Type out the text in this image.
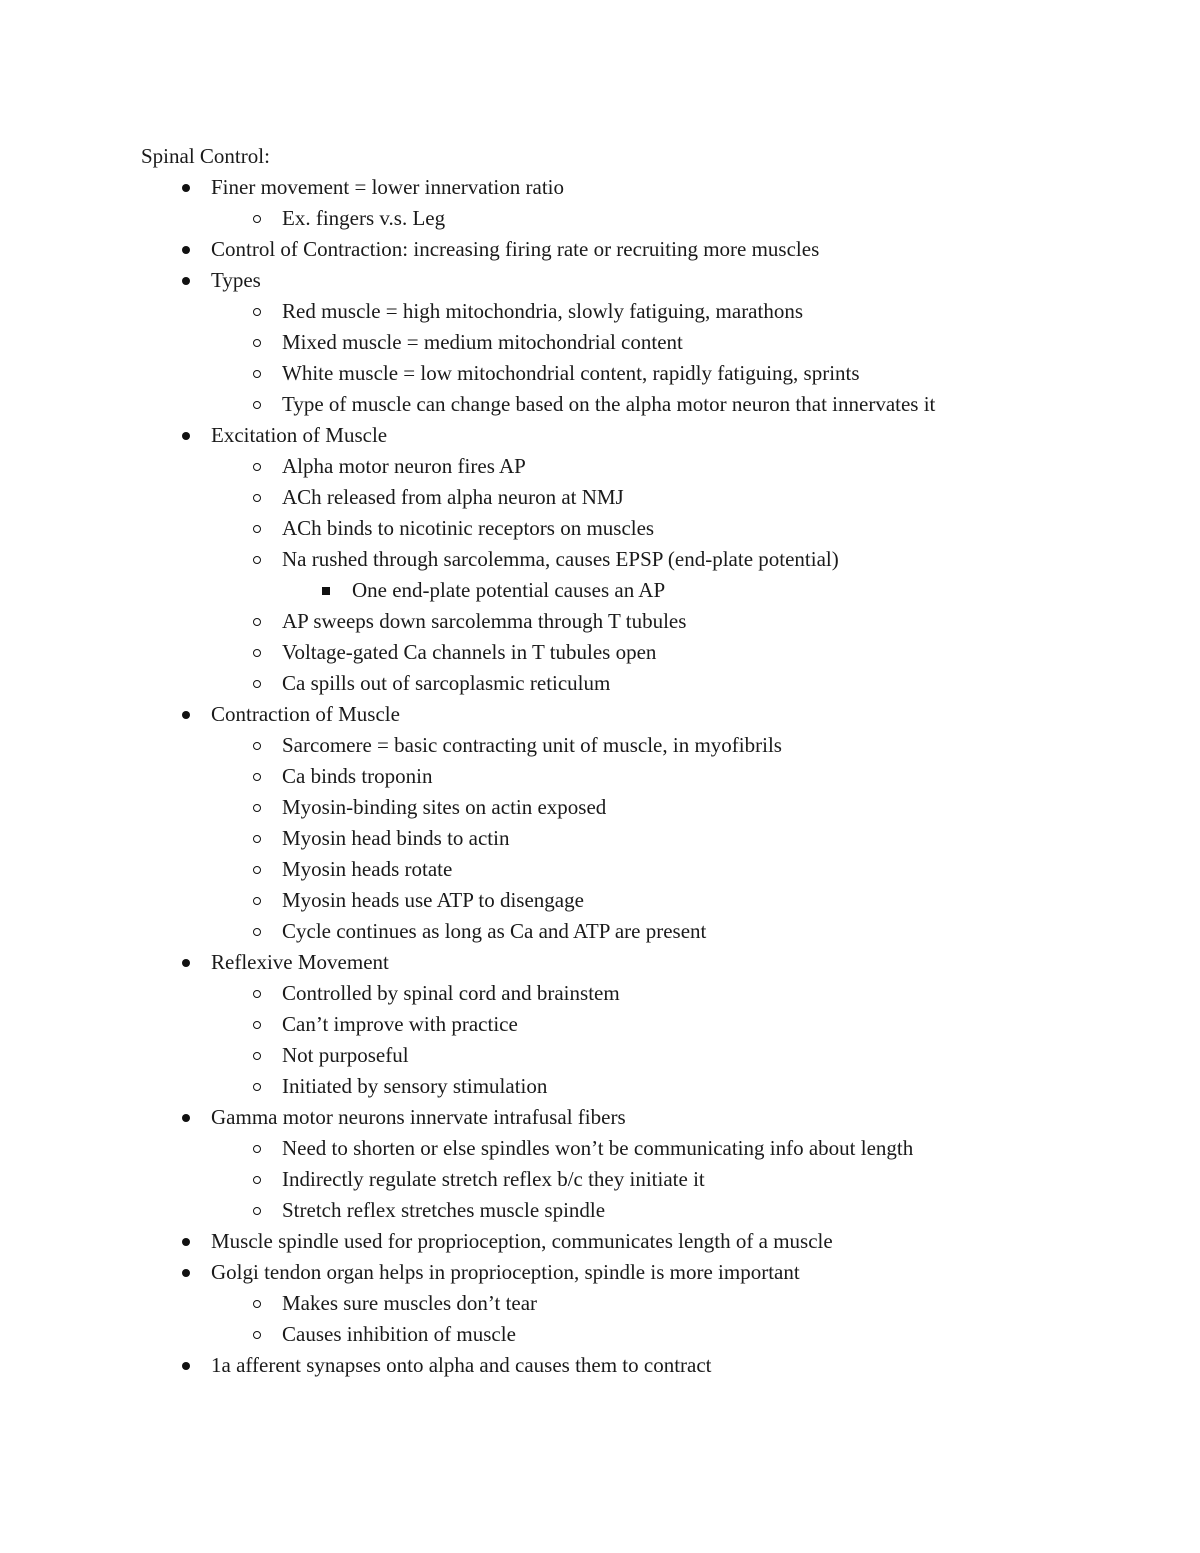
Spinal Control:
Finer movement = lower innervation ratio
Ex. fingers v.s. Leg
Control of Contraction: increasing firing rate or recruiting more muscles
Types
Red muscle = high mitochondria, slowly fatiguing, marathons
Mixed muscle = medium mitochondrial content
White muscle = low mitochondrial content, rapidly fatiguing, sprints
Type of muscle can change based on the alpha motor neuron that innervates it
Excitation of Muscle
Alpha motor neuron fires AP
ACh released from alpha neuron at NMJ
ACh binds to nicotinic receptors on muscles
Na rushed through sarcolemma, causes EPSP (end-plate potential)
One end-plate potential causes an AP
AP sweeps down sarcolemma through T tubules
Voltage-gated Ca channels in T tubules open
Ca spills out of sarcoplasmic reticulum
Contraction of Muscle
Sarcomere = basic contracting unit of muscle, in myofibrils
Ca binds troponin
Myosin-binding sites on actin exposed
Myosin head binds to actin
Myosin heads rotate
Myosin heads use ATP to disengage
Cycle continues as long as Ca and ATP are present
Reflexive Movement
Controlled by spinal cord and brainstem
Can’t improve with practice
Not purposeful
Initiated by sensory stimulation
Gamma motor neurons innervate intrafusal fibers
Need to shorten or else spindles won’t be communicating info about length
Indirectly regulate stretch reflex b/c they initiate it
Stretch reflex stretches muscle spindle
Muscle spindle used for proprioception, communicates length of a muscle
Golgi tendon organ helps in proprioception, spindle is more important
Makes sure muscles don’t tear
Causes inhibition of muscle
1a afferent synapses onto alpha and causes them to contract
